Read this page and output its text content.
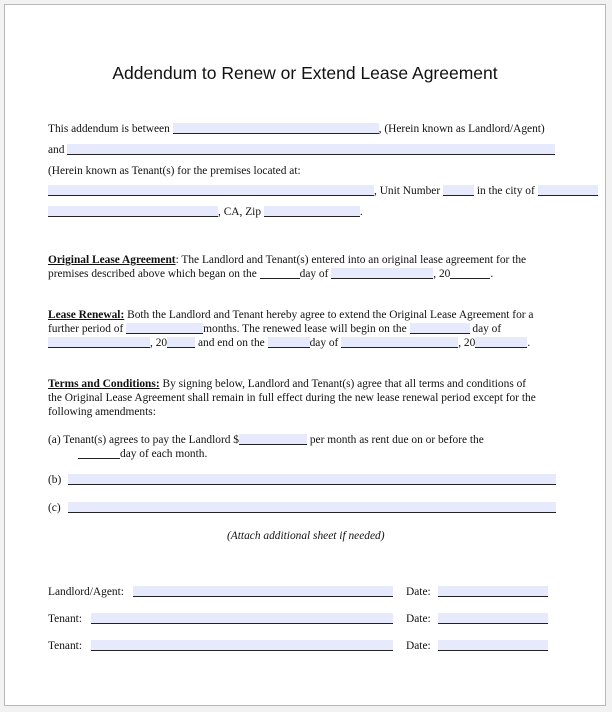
Addendum to Renew or Extend Lease Agreement
This addendum is between	, (Herein known as Landlord/Agent)
and
(Herein known as Tenant(s) for the premises located at:
, Unit Number	in the city of
, CA, Zip	.
Original Lease Agreement: The Landlord and Tenant(s) entered into an original lease agreement for the
premises described above which began on the	day of	, 20	.
Lease Renewal: Both the Landlord and Tenant hereby agree to extend the Original Lease Agreement for a
further period of	months. The renewed lease will begin on the	day of
, 20	and end on the	day of	, 20	.
Terms and Conditions: By signing below, Landlord and Tenant(s) agree that all terms and conditions of
the Original Lease Agreement shall remain in full effect during the new lease renewal period except for the
following amendments:
(a) Tenant(s) agrees to pay the Landlord $	per month as rent due on or before the
day of each month.
(b)
(c)
(Attach additional sheet if needed)
Landlord/Agent:	Date:
Tenant:	Date:
Tenant:	Date:
